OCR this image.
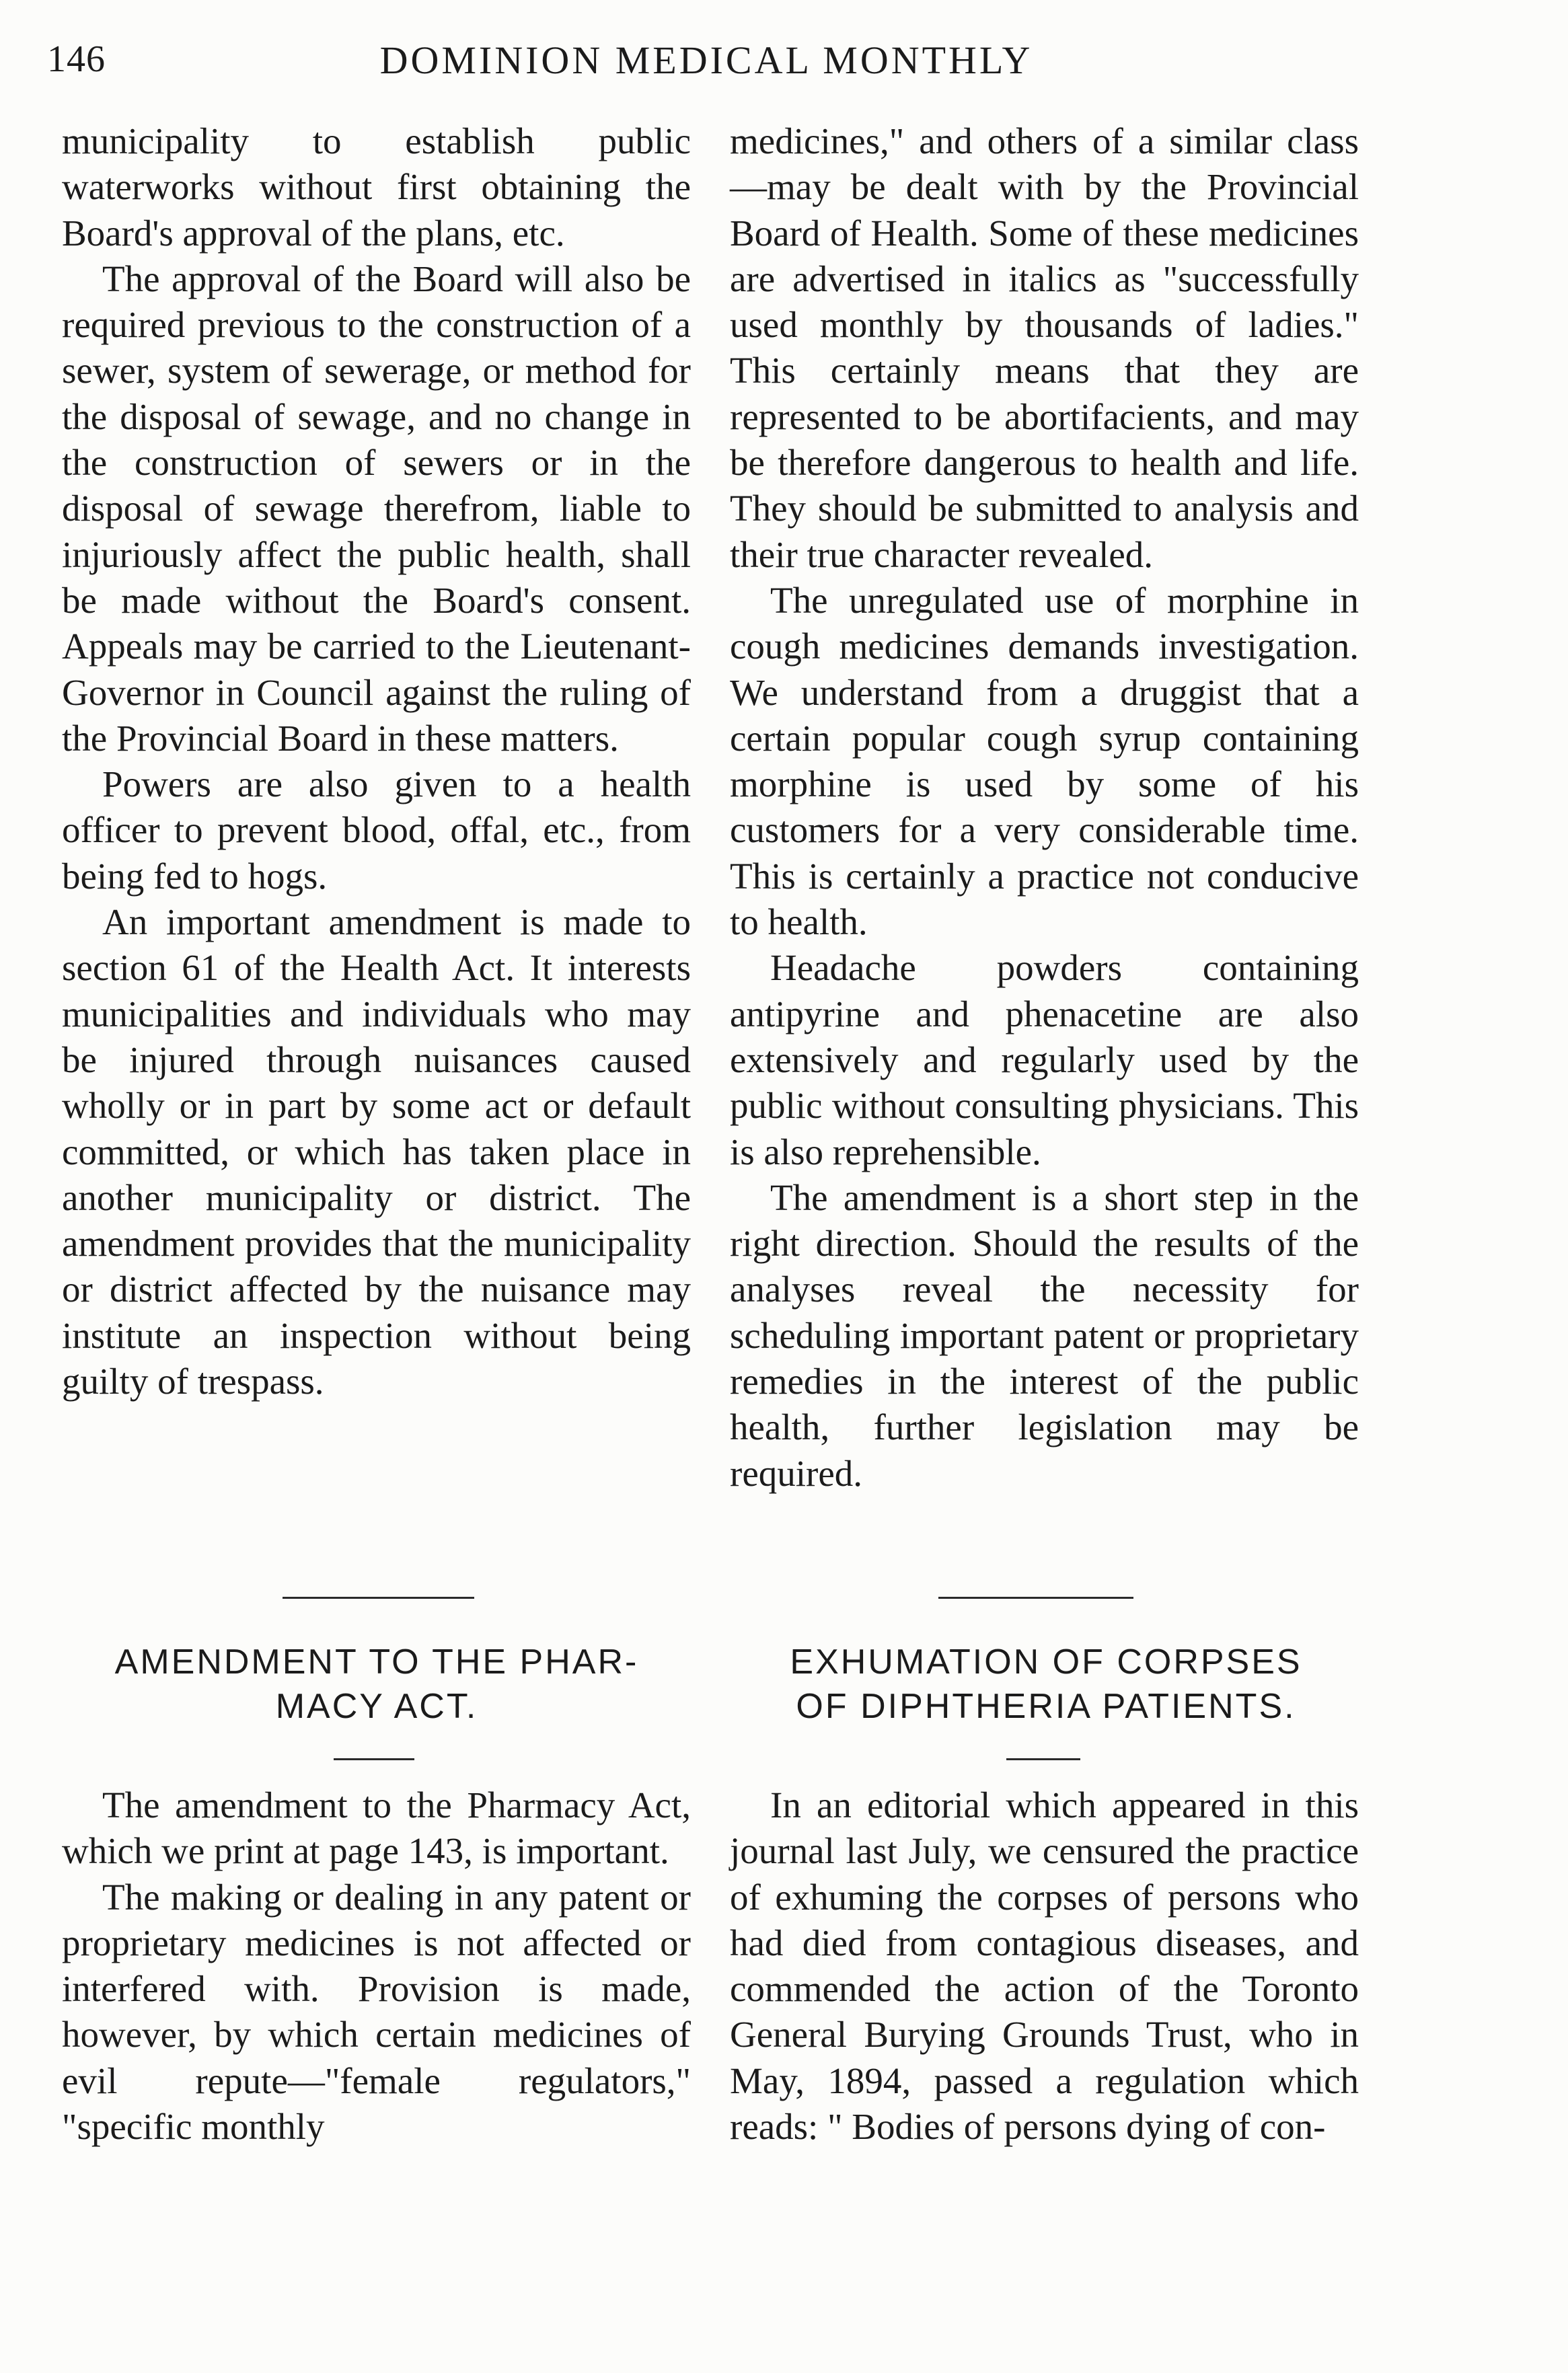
146	DOMINION MEDICAL MONTHLY

municipality to establish public waterworks without first obtaining the Board's approval of the plans, etc.

The approval of the Board will also be required previous to the construction of a sewer, system of sewerage, or method for the disposal of sewage, and no change in the construction of sewers or in the disposal of sewage therefrom, liable to injuriously affect the public health, shall be made without the Board's consent. Appeals may be carried to the Lieutenant-Governor in Council against the ruling of the Provincial Board in these matters.

Powers are also given to a health officer to prevent blood, offal, etc., from being fed to hogs.

An important amendment is made to section 61 of the Health Act. It interests municipalities and individuals who may be injured through nuisances caused wholly or in part by some act or default committed, or which has taken place in another municipality or district. The amendment provides that the municipality or district affected by the nuisance may institute an inspection without being guilty of trespass.

medicines," and others of a similar class—may be dealt with by the Provincial Board of Health. Some of these medicines are advertised in italics as "successfully used monthly by thousands of ladies." This certainly means that they are represented to be abortifacients, and may be therefore dangerous to health and life. They should be submitted to analysis and their true character revealed.

The unregulated use of morphine in cough medicines demands investigation. We understand from a druggist that a certain popular cough syrup containing morphine is used by some of his customers for a very considerable time. This is certainly a practice not conducive to health.

Headache powders containing antipyrine and phenacetine are also extensively and regularly used by the public without consulting physicians. This is also reprehensible.

The amendment is a short step in the right direction. Should the results of the analyses reveal the necessity for scheduling important patent or proprietary remedies in the interest of the public health, further legislation may be required.

AMENDMENT TO THE PHAR-
MACY ACT.

The amendment to the Pharmacy Act, which we print at page 143, is important.

The making or dealing in any patent or proprietary medicines is not affected or interfered with. Provision is made, however, by which certain medicines of evil repute—"female regulators," "specific monthly

EXHUMATION OF CORPSES
OF DIPHTHERIA PATIENTS.

In an editorial which appeared in this journal last July, we censured the practice of exhuming the corpses of persons who had died from contagious diseases, and commended the action of the Toronto General Burying Grounds Trust, who in May, 1894, passed a regulation which reads: " Bodies of persons dying of con-
